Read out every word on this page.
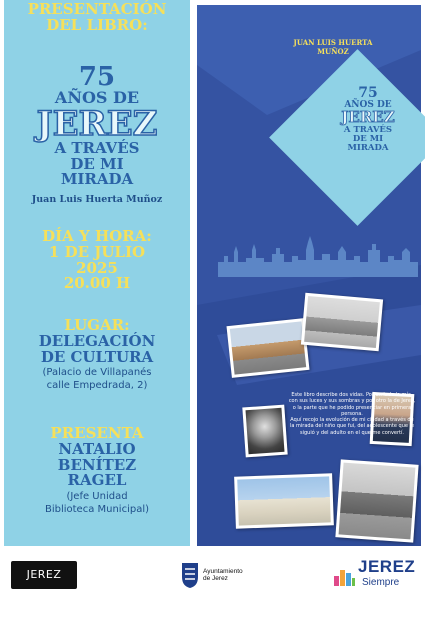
PRESENTACIÓN
DEL LIBRO:
75
AÑOS DE
JEREZ
A TRAVÉS
DE MI
MIRADA
Juan Luis Huerta Muñoz
DÍA Y HORA:
1 DE JULIO
2025
20.00 H
LUGAR:
DELEGACIÓN
DE CULTURA
(Palacio de Villapanés
calle Empedrada, 2)
PRESENTA
NATALIO
BENÍTEZ
RAGEL
(Jefe Unidad
Biblioteca Municipal)
JUAN LUIS HUERTA MUÑOZ
75
AÑOS DE
JEREZ
A TRAVÉS
DE MI
MIRADA
Este libro describe dos vidas. Por un lado la mía, con sus luces y sus sombras y por otro la de Jerez, o la parte que he podido presenciar en primera persona.
Aquí recojo la evolución de mi ciudad a través de la mirada del niño que fui, del adolescente que le siguió y del adulto en el que me convertí.
JEREZ 2031
Ayuntamiento
de Jerez
JEREZ
Siempre
